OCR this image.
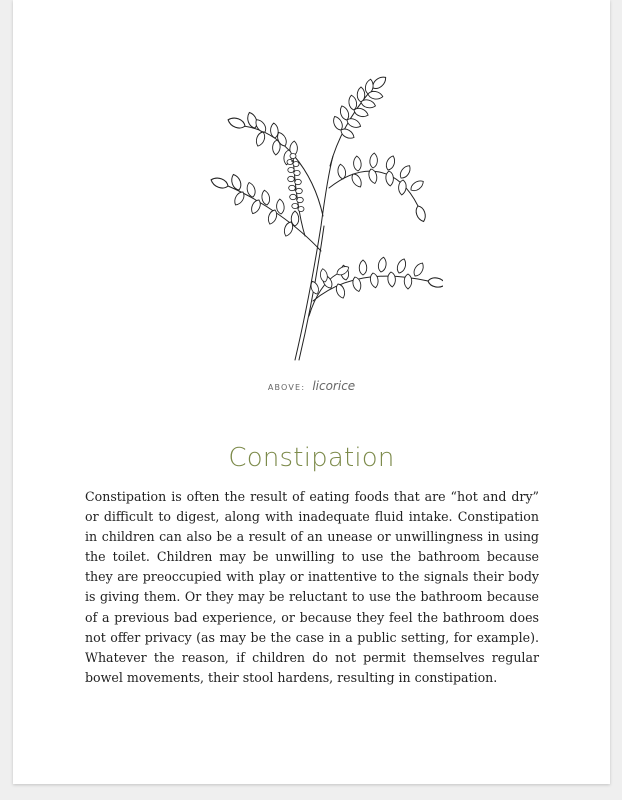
ABOVE: licorice
Constipation
Constipation is often the result of eating foods that are “hot and dry” or difficult to digest, along with inadequate fluid intake. Constipation in children can also be a result of an unease or unwillingness in using the toilet. Children may be unwilling to use the bathroom because they are preoccupied with play or inattentive to the signals their body is giving them. Or they may be reluctant to use the bathroom because of a previous bad experience, or because they feel the bathroom does not offer privacy (as may be the case in a public setting, for example). Whatever the reason, if children do not permit themselves regular bowel movements, their stool hardens, resulting in constipation.
